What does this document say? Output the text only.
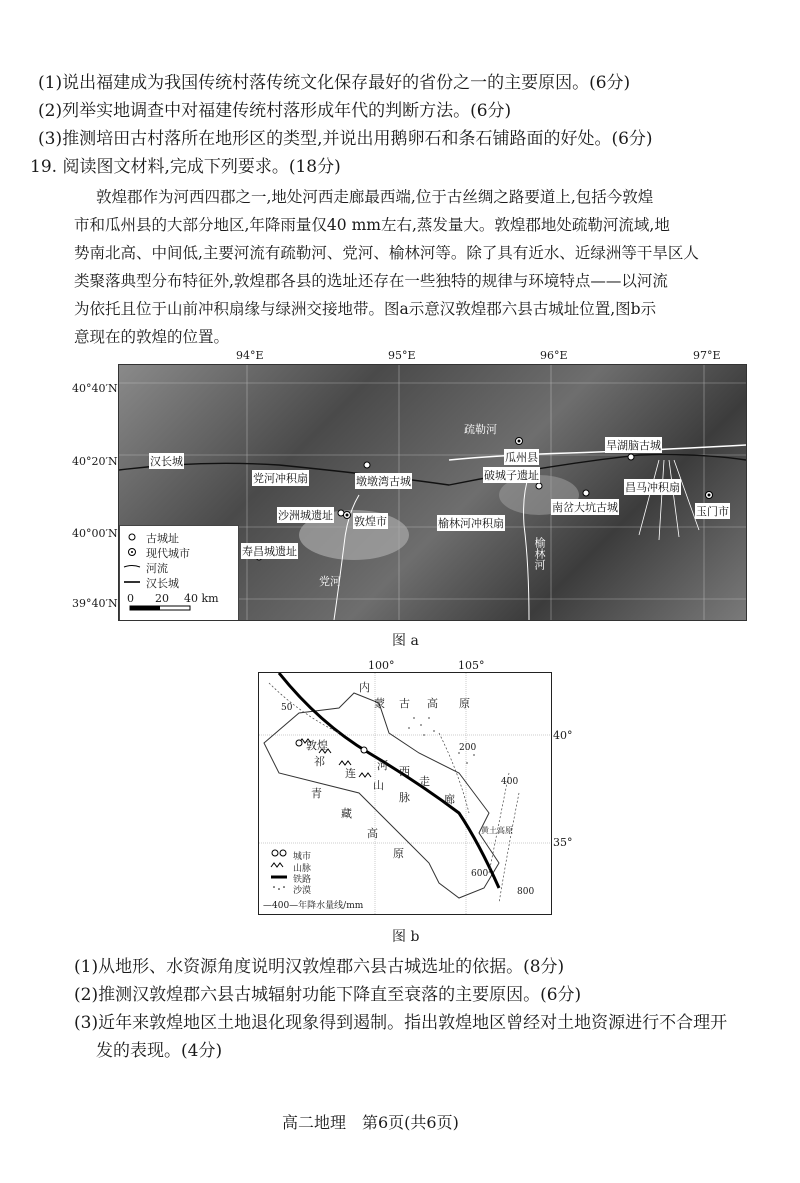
(1)说出福建成为我国传统村落传统文化保存最好的省份之一的主要原因。(6分)
(2)列举实地调查中对福建传统村落形成年代的判断方法。(6分)
(3)推测培田古村落所在地形区的类型,并说出用鹅卵石和条石铺路面的好处。(6分)
19. 阅读图文材料,完成下列要求。(18分)
敦煌郡作为河西四郡之一,地处河西走廊最西端,位于古丝绸之路要道上,包括今敦煌
市和瓜州县的大部分地区,年降雨量仅40 mm左右,蒸发量大。敦煌郡地处疏勒河流域,地
势南北高、中间低,主要河流有疏勒河、党河、榆林河等。除了具有近水、近绿洲等干旱区人
类聚落典型分布特征外,敦煌郡各县的选址还存在一些独特的规律与环境特点——以河流
为依托且位于山前冲积扇缘与绿洲交接地带。图a示意汉敦煌郡六县古城址位置,图b示
意现在的敦煌的位置。
94°E	95°E	96°E	97°E
40°40′N
40°20′N
40°00′N
39°40′N
疏勒河
瓜州县
汉长城
党河冲积扇	墩墩湾古城
沙洲城遗址 敦煌市
寿昌城遗址
党河
破城子遗址
榆林河冲积扇
榆林河
旱湖脑古城
昌马冲积扇
南岔大坑古城	玉门市
古城址
现代城市
河流
汉长城
0 20 40 km
图 a
100°	105°
40°
35°
内
蒙 古 高 原
敦煌
祁
连
山
脉
河 西
走
廊
青
藏
高
原
黄土高原
50
200
400
600
800
城市
山脉
铁路
沙漠
—400—年降水量线/mm
图 b
(1)从地形、水资源角度说明汉敦煌郡六县古城选址的依据。(8分)
(2)推测汉敦煌郡六县古城辐射功能下降直至衰落的主要原因。(6分)
(3)近年来敦煌地区土地退化现象得到遏制。指出敦煌地区曾经对土地资源进行不合理开
发的表现。(4分)
高二地理　第6页(共6页)
